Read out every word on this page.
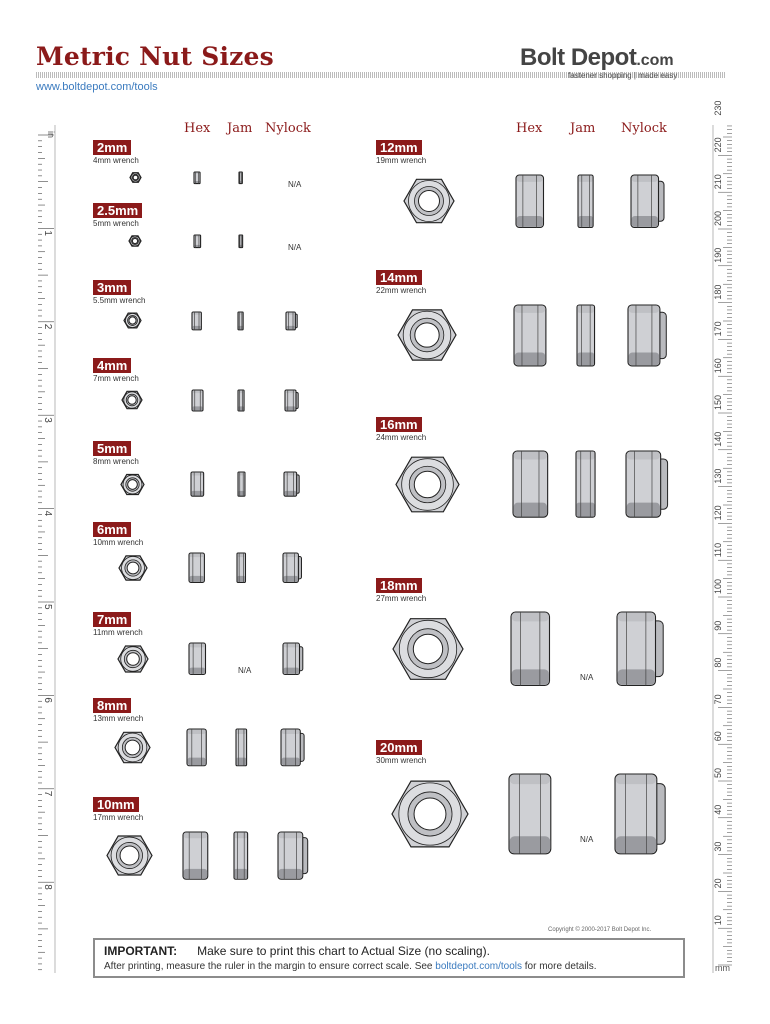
Metric Nut Sizes
www.boltdepot.com/tools
Bolt Depot.com
fastener shopping | made easy
Hex Jam Nylock	Hex Jam Nylock
2mm
4mm wrench
N/A
2.5mm
5mm wrench
N/A
3mm
5.5mm wrench
4mm
7mm wrench
5mm
8mm wrench
6mm
10mm wrench
7mm
11mm wrench
N/A
8mm
13mm wrench
10mm
17mm wrench
12mm
19mm wrench
14mm
22mm wrench
16mm
24mm wrench
18mm
27mm wrench
N/A
20mm
30mm wrench
N/A
in
1
2
3
4
5
6
7
8
mm
10
20
30
40
50
60
70
80
90
100
110
120
130
140
150
160
170
180
190
200
210
220
230
Copyright © 2000-2017 Bolt Depot Inc.
IMPORTANT: Make sure to print this chart to Actual Size (no scaling).
After printing, measure the ruler in the margin to ensure correct scale. See boltdepot.com/tools for more details.
